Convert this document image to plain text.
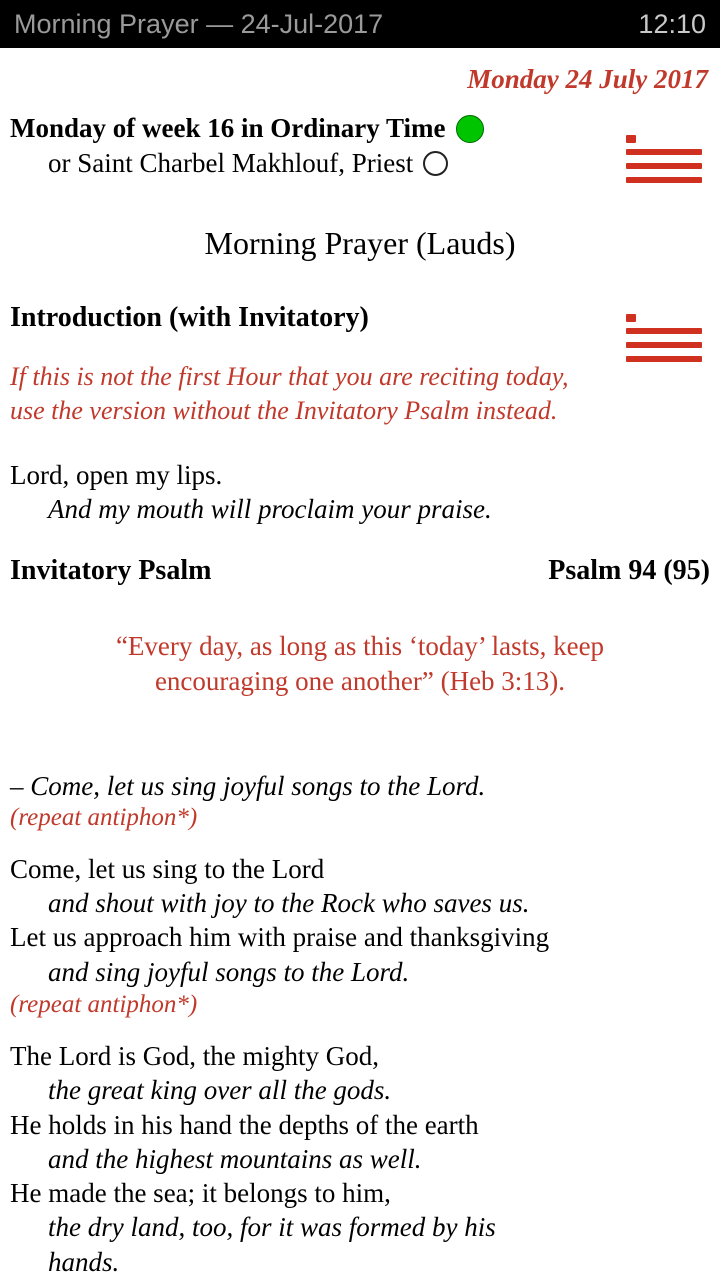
Morning Prayer — 24-Jul-2017	12:10
Monday 24 July 2017
Monday of week 16 in Ordinary Time
or Saint Charbel Makhlouf, Priest
Morning Prayer (Lauds)
Introduction (with Invitatory)
If this is not the first Hour that you are reciting today,
use the version without the Invitatory Psalm instead.
Lord, open my lips.
And my mouth will proclaim your praise.
Invitatory Psalm	Psalm 94 (95)
“Every day, as long as this ‘today’ lasts, keep
encouraging one another” (Heb 3:13).
– Come, let us sing joyful songs to the Lord.
(repeat antiphon*)
Come, let us sing to the Lord
and shout with joy to the Rock who saves us.
Let us approach him with praise and thanksgiving
and sing joyful songs to the Lord.
(repeat antiphon*)
The Lord is God, the mighty God,
the great king over all the gods.
He holds in his hand the depths of the earth
and the highest mountains as well.
He made the sea; it belongs to him,
the dry land, too, for it was formed by his
hands.
